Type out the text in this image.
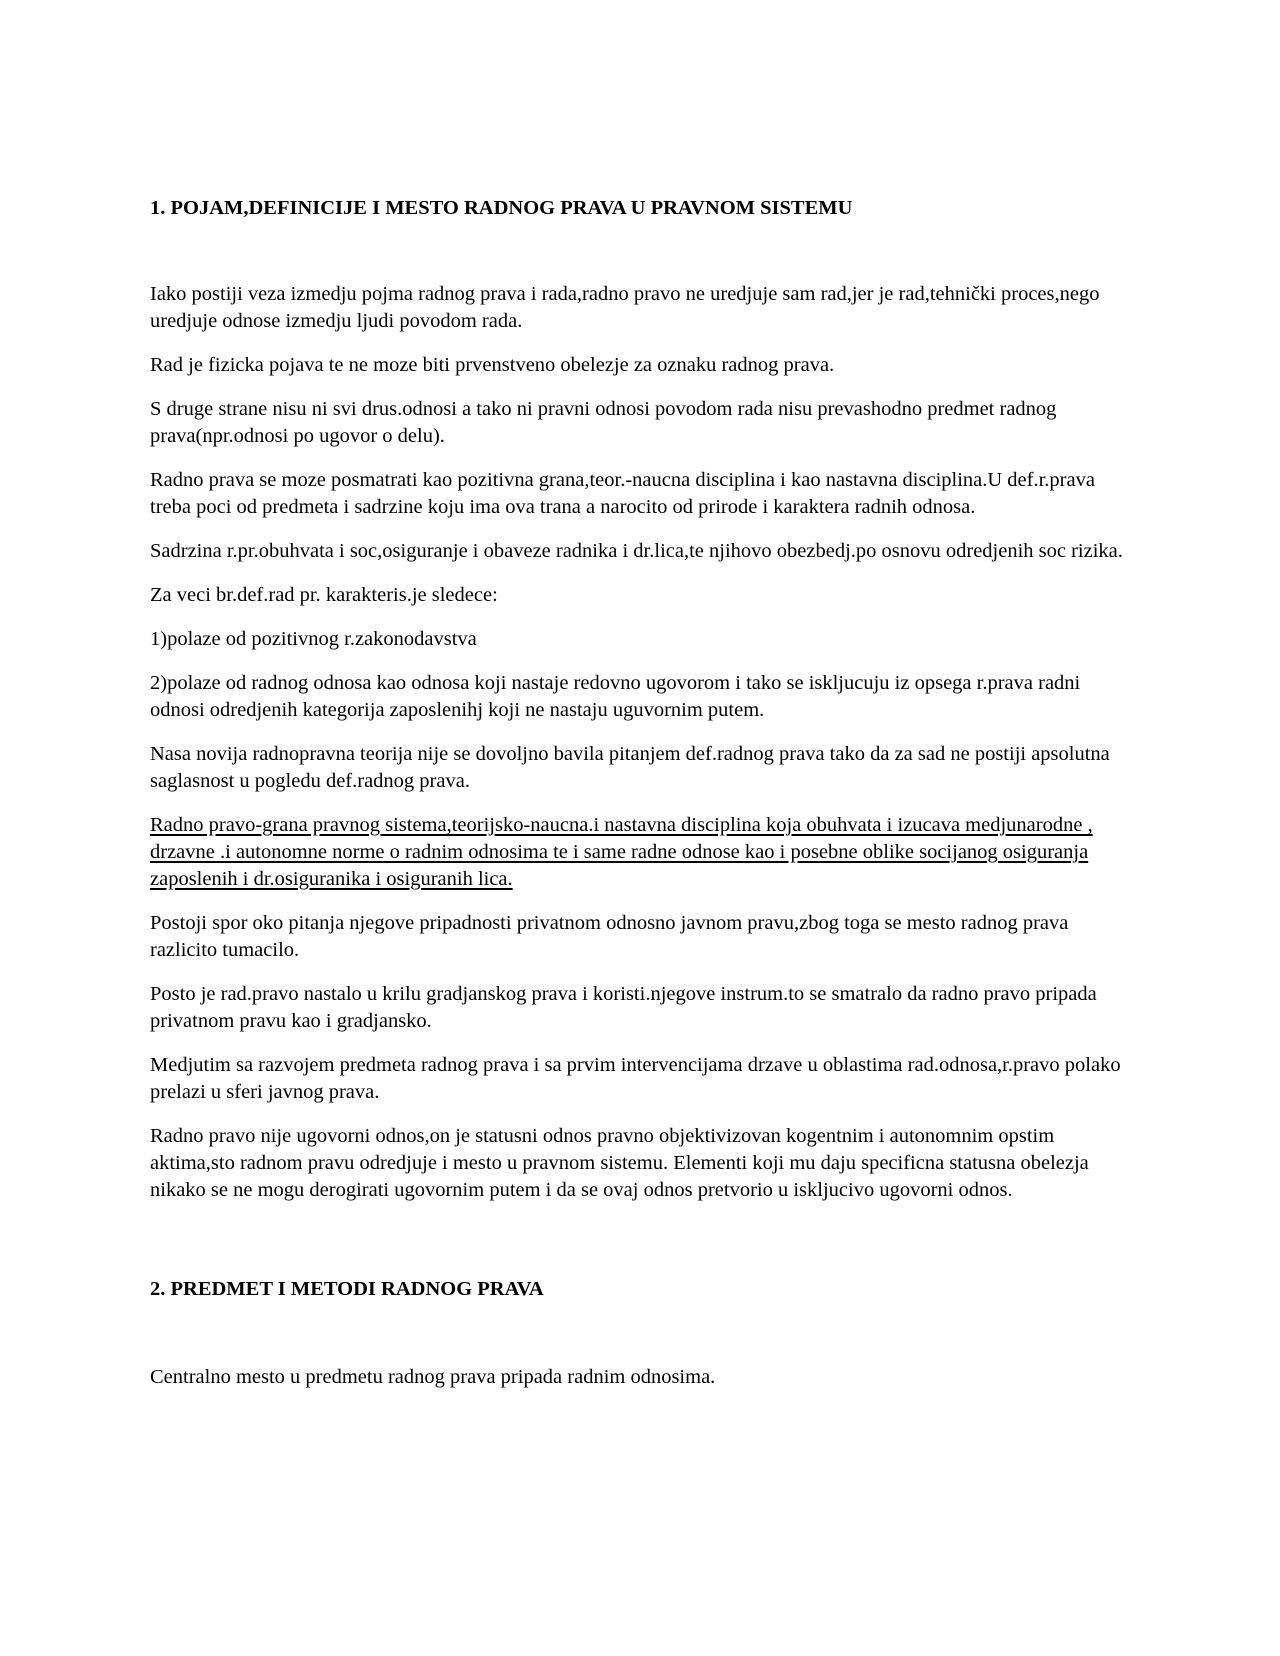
1. POJAM,DEFINICIJE I MESTO RADNOG PRAVA U PRAVNOM SISTEMU

Iako postiji veza izmedju pojma radnog prava i rada,radno pravo ne uredjuje sam rad,jer je rad,tehnički proces,nego uredjuje odnose izmedju ljudi povodom rada.

Rad je fizicka pojava te ne moze biti prvenstveno obelezje za oznaku radnog prava.

S druge strane nisu ni svi drus.odnosi a tako ni pravni odnosi povodom rada nisu prevashodno predmet radnog prava(npr.odnosi po ugovor o delu).

Radno prava se moze posmatrati kao pozitivna grana,teor.-naucna disciplina i kao nastavna disciplina.U def.r.prava treba poci od predmeta i sadrzine koju ima ova trana a narocito od prirode i karaktera radnih odnosa.

Sadrzina r.pr.obuhvata i soc,osiguranje i obaveze radnika i dr.lica,te njihovo obezbedj.po osnovu odredjenih soc rizika.

Za veci br.def.rad pr. karakteris.je sledece:

1)polaze od pozitivnog r.zakonodavstva

2)polaze od radnog odnosa kao odnosa koji nastaje redovno ugovorom i tako se iskljucuju iz opsega r.prava radni odnosi odredjenih kategorija zaposlenihj koji ne nastaju uguvornim putem.

Nasa novija radnopravna teorija nije se dovoljno bavila pitanjem def.radnog prava tako da za sad ne postiji apsolutna saglasnost u pogledu def.radnog prava.

Radno pravo-grana pravnog sistema,teorijsko-naucna.i nastavna disciplina koja obuhvata i izucava medjunarodne , drzavne .i autonomne norme o radnim odnosima te i same radne odnose kao i posebne oblike socijanog osiguranja zaposlenih i dr.osiguranika i osiguranih lica.

Postoji spor oko pitanja njegove pripadnosti privatnom odnosno javnom pravu,zbog toga se mesto radnog prava razlicito tumacilo.

Posto je rad.pravo nastalo u krilu gradjanskog prava i koristi.njegove instrum.to se smatralo da radno pravo pripada privatnom pravu kao i gradjansko.

Medjutim sa razvojem predmeta radnog prava i sa prvim intervencijama drzave u oblastima rad.odnosa,r.pravo polako prelazi u sferi javnog prava.

Radno pravo nije ugovorni odnos,on je statusni odnos pravno objektivizovan kogentnim i autonomnim opstim aktima,sto radnom pravu odredjuje i mesto u pravnom sistemu. Elementi koji mu daju specificna statusna obelezja nikako se ne mogu derogirati ugovornim putem i da se ovaj odnos pretvorio u iskljucivo ugovorni odnos.

2. PREDMET I METODI RADNOG PRAVA

Centralno mesto u predmetu radnog prava pripada radnim odnosima.
